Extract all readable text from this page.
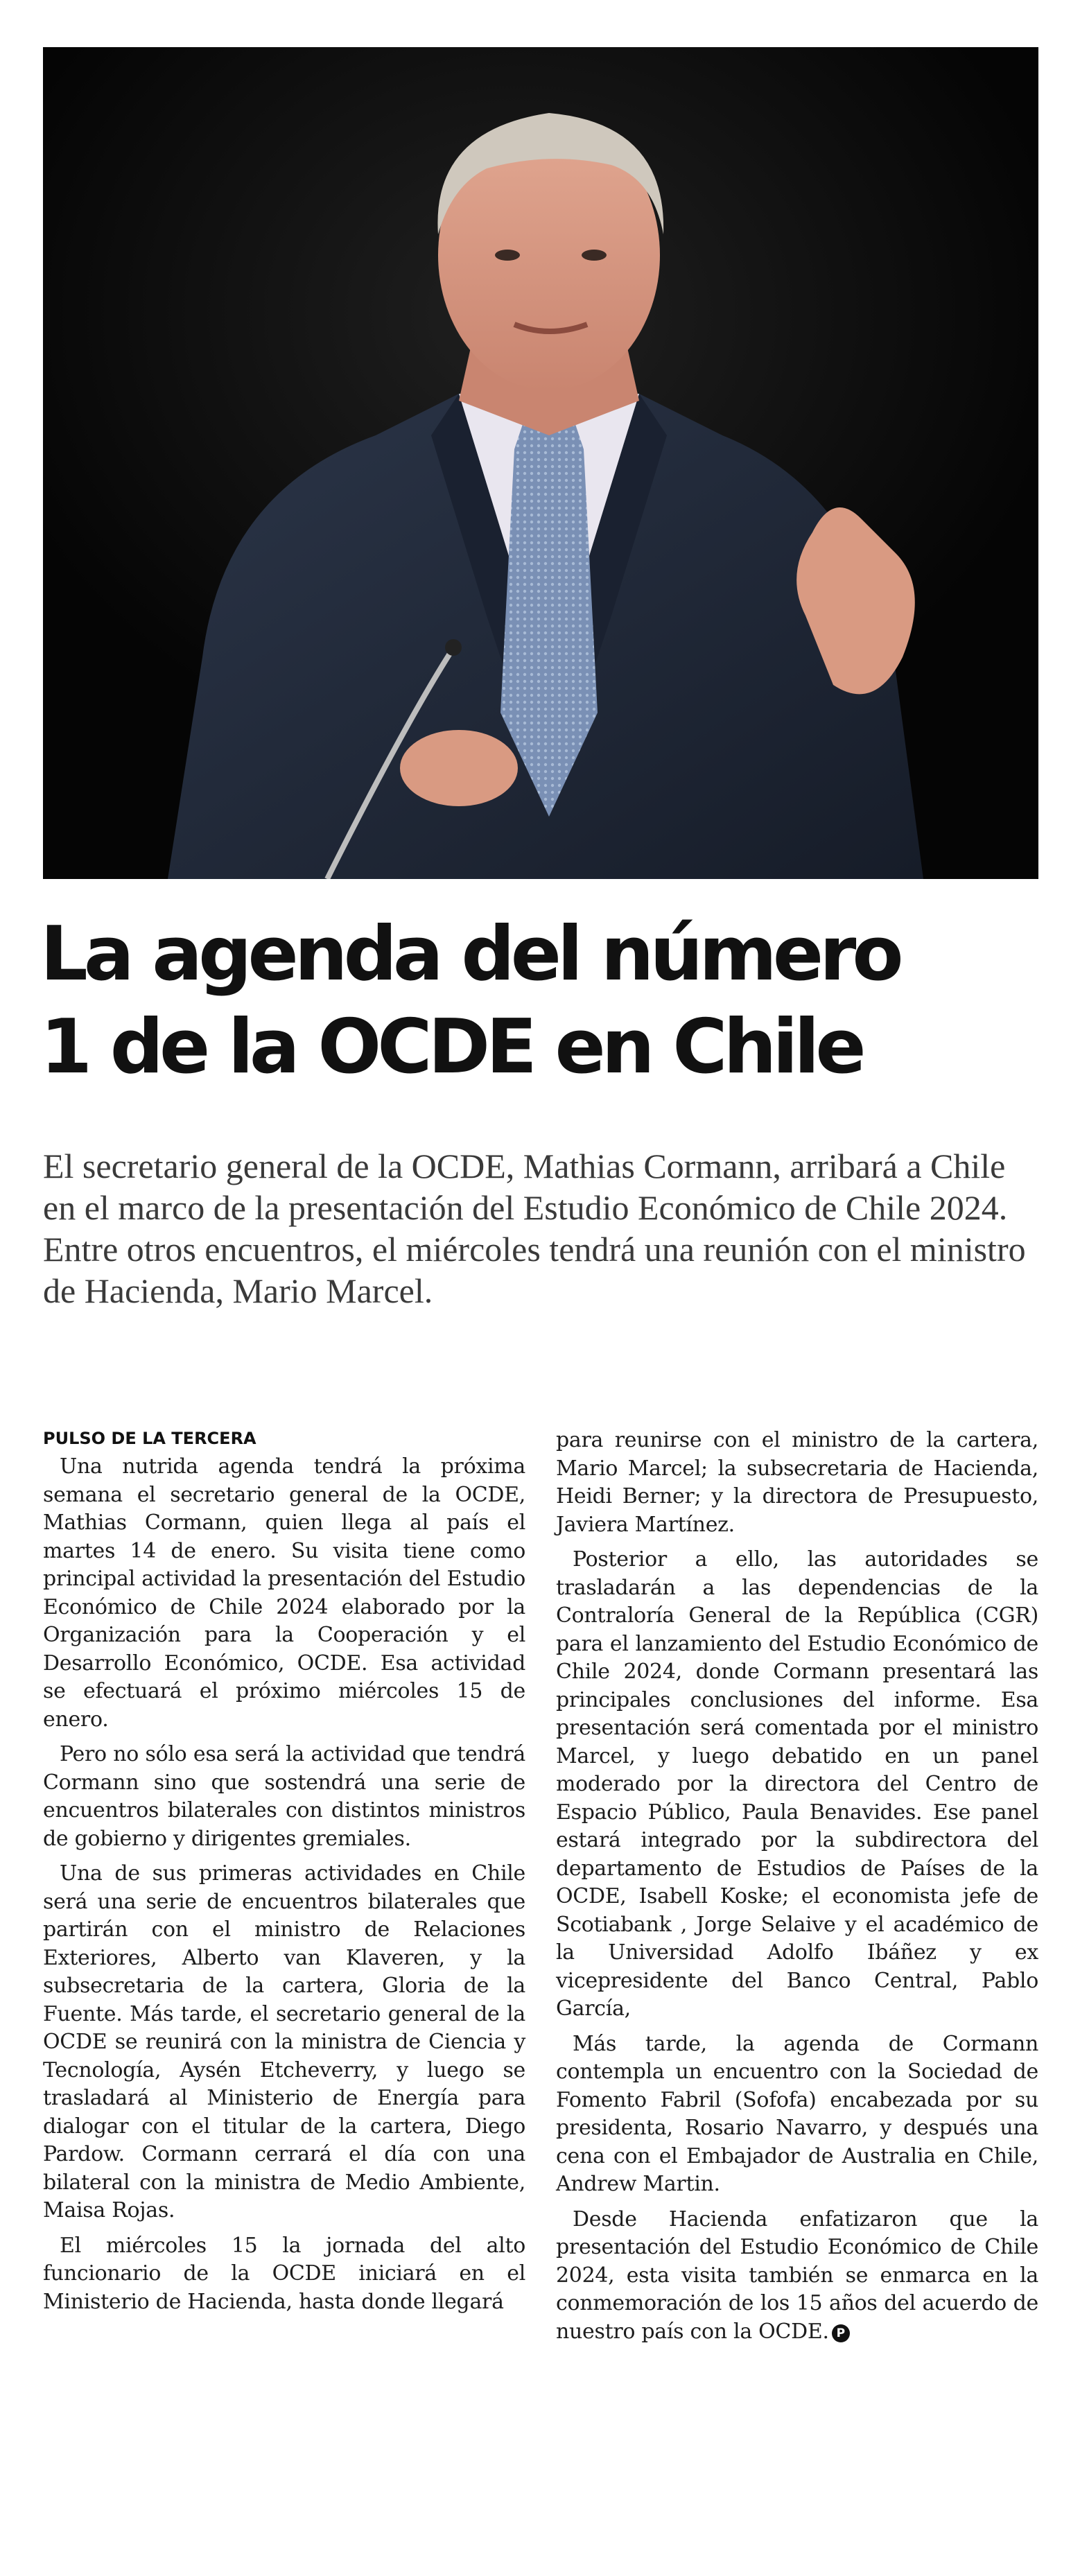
La agenda del número
1 de la OCDE en Chile

El secretario general de la OCDE, Mathias Cormann, arribará a Chile en el marco de la presentación del Estudio Económico de Chile 2024. Entre otros encuentros, el miércoles tendrá una reunión con el ministro de Hacienda, Mario Marcel.

PULSO DE LA TERCERA

Una nutrida agenda tendrá la próxima semana el secretario general de la OCDE, Mathias Cormann, quien llega al país el martes 14 de enero. Su visita tiene como principal actividad la presentación del Estudio Económico de Chile 2024 elaborado por la Organización para la Cooperación y el Desarrollo Económico, OCDE. Esa actividad se efectuará el próximo miércoles 15 de enero.

Pero no sólo esa será la actividad que tendrá Cormann sino que sostendrá una serie de encuentros bilaterales con distintos ministros de gobierno y dirigentes gremiales.

Una de sus primeras actividades en Chile será una serie de encuentros bilaterales que partirán con el ministro de Relaciones Exteriores, Alberto van Klaveren, y la subsecretaria de la cartera, Gloria de la Fuente. Más tarde, el secretario general de la OCDE se reunirá con la ministra de Ciencia y Tecnología, Aysén Etcheverry, y luego se trasladará al Ministerio de Energía para dialogar con el titular de la cartera, Diego Pardow. Cormann cerrará el día con una bilateral con la ministra de Medio Ambiente, Maisa Rojas.

El miércoles 15 la jornada del alto funcionario de la OCDE iniciará en el Ministerio de Hacienda, hasta donde llegará

para reunirse con el ministro de la cartera, Mario Marcel; la subsecretaria de Hacienda, Heidi Berner; y la directora de Presupuesto, Javiera Martínez.

Posterior a ello, las autoridades se trasladarán a las dependencias de la Contraloría General de la República (CGR) para el lanzamiento del Estudio Económico de Chile 2024, donde Cormann presentará las principales conclusiones del informe. Esa presentación será comentada por el ministro Marcel, y luego debatido en un panel moderado por la directora del Centro de Espacio Público, Paula Benavides. Ese panel estará integrado por la subdirectora del departamento de Estudios de Países de la OCDE, Isabell Koske; el economista jefe de Scotiabank , Jorge Selaive y el académico de la Universidad Adolfo Ibáñez y ex vicepresidente del Banco Central, Pablo García,

Más tarde, la agenda de Cormann contempla un encuentro con la Sociedad de Fomento Fabril (Sofofa) encabezada por su presidenta, Rosario Navarro, y después una cena con el Embajador de Australia en Chile, Andrew Martin.

Desde Hacienda enfatizaron que la presentación del Estudio Económico de Chile 2024, esta visita también se enmarca en la conmemoración de los 15 años del acuerdo de nuestro país con la OCDE. P
